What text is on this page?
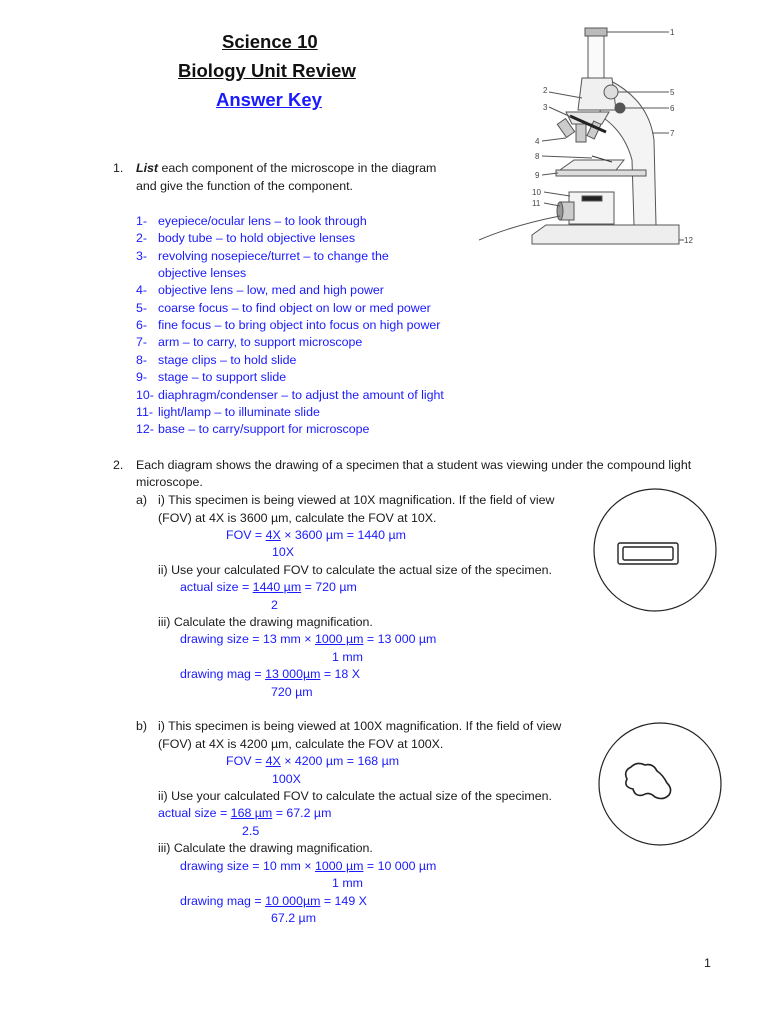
Science 10
Biology Unit Review
Answer Key
1
2
3
4
5
6
7
8
9
10
11
12
1. List each component of the microscope in the diagram
and give the function of the component.
1- eyepiece/ocular lens – to look through
2- body tube – to hold objective lenses
3- revolving nosepiece/turret – to change the
objective lenses
4- objective lens – low, med and high power
5- coarse focus – to find object on low or med power
6- fine focus – to bring object into focus on high power
7- arm – to carry, to support microscope
8- stage clips – to hold slide
9- stage – to support slide
10- diaphragm/condenser – to adjust the amount of light
11- light/lamp – to illuminate slide
12- base – to carry/support for microscope
2. Each diagram shows the drawing of a specimen that a student was viewing under the compound light
microscope.
a) i) This specimen is being viewed at 10X magnification. If the field of view
(FOV) at 4X is 3600 µm, calculate the FOV at 10X.
FOV = 4X × 3600 µm = 1440 µm
10X
ii) Use your calculated FOV to calculate the actual size of the specimen.
actual size = 1440 µm = 720 µm
2
iii) Calculate the drawing magnification.
drawing size = 13 mm × 1000 µm = 13 000 µm
1 mm
drawing mag = 13 000µm = 18 X
720 µm
b) i) This specimen is being viewed at 100X magnification. If the field of view
(FOV) at 4X is 4200 µm, calculate the FOV at 100X.
FOV = 4X × 4200 µm = 168 µm
100X
ii) Use your calculated FOV to calculate the actual size of the specimen.
actual size = 168 µm = 67.2 µm
2.5
iii) Calculate the drawing magnification.
drawing size = 10 mm × 1000 µm = 10 000 µm
1 mm
drawing mag = 10 000µm = 149 X
67.2 µm
1
